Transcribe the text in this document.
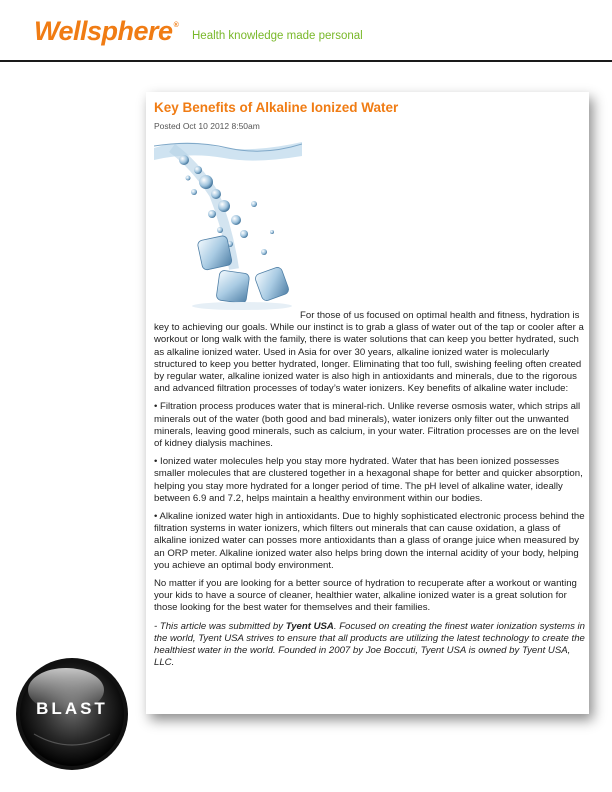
Wellsphere®
Health knowledge made personal
Key Benefits of Alkaline Ionized Water
Posted Oct 10 2012 8:50am

For those of us focused on optimal health and fitness, hydration is key to achieving our goals. While our instinct is to grab a glass of water out of the tap or cooler after a workout or long walk with the family, there is water solutions that can keep you better hydrated, such as alkaline ionized water. Used in Asia for over 30 years, alkaline ionized water is molecularly structured to keep you better hydrated, longer. Eliminating that too full, swishing feeling often created by regular water, alkaline ionized water is also high in antioxidants and minerals, due to the rigorous and advanced filtration processes of today’s water ionizers. Key benefits of alkaline water include:

• Filtration process produces water that is mineral-rich. Unlike reverse osmosis water, which strips all minerals out of the water (both good and bad minerals), water ionizers only filter out the unwanted minerals, leaving good minerals, such as calcium, in your water. Filtration processes are on the level of kidney dialysis machines.

• Ionized water molecules help you stay more hydrated. Water that has been ionized possesses smaller molecules that are clustered together in a hexagonal shape for better and quicker absorption, helping you stay more hydrated for a longer period of time. The pH level of alkaline water, ideally between 6.9 and 7.2, helps maintain a healthy environment within our bodies.

• Alkaline ionized water high in antioxidants. Due to highly sophisticated electronic process behind the filtration systems in water ionizers, which filters out minerals that can cause oxidation, a glass of alkaline ionized water can posses more antioxidants than a glass of orange juice when measured by an ORP meter. Alkaline ionized water also helps bring down the internal acidity of your body, helping you achieve an optimal body environment.

No matter if you are looking for a better source of hydration to recuperate after a workout or wanting your kids to have a source of cleaner, healthier water, alkaline ionized water is a great solution for those looking for the best water for themselves and their families.

- This article was submitted by Tyent USA. Focused on creating the finest water ionization systems in the world, Tyent USA strives to ensure that all products are utilizing the latest technology to create the healthiest water in the world. Founded in 2007 by Joe Boccuti, Tyent USA is owned by Tyent USA, LLC.

BLAST
